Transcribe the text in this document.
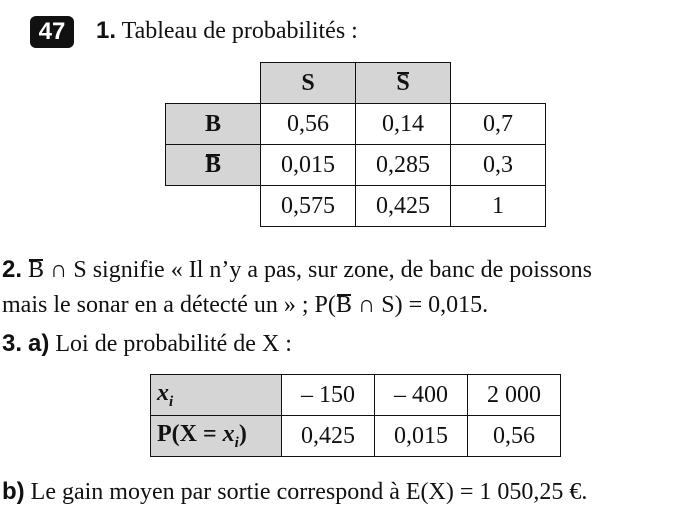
47	1. Tableau de probabilités :
	S	S	
B	0,56	0,14	0,7
B	0,015	0,285	0,3
	0,575	0,425	1
2. B ∩ S signifie « Il n’y a pas, sur zone, de banc de poissons
mais le sonar en a détecté un » ; P(B ∩ S) = 0,015.
3. a) Loi de probabilité de X :
$x_i$	– 150	– 400	2 000
$P(X = x_i)$	0,425	0,015	0,56
b) Le gain moyen par sortie correspond à E(X) = 1 050,25 €.
